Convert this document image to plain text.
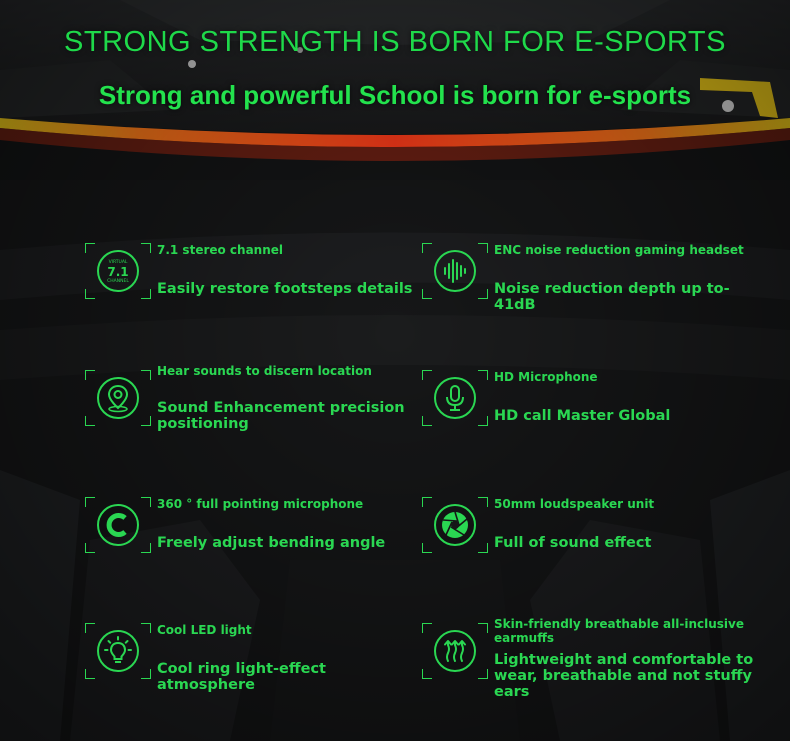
STRONG STRENGTH IS BORN FOR E-SPORTS
Strong and powerful School is born for e-sports
VIRTUAL
7.1
CHANNEL
7.1 stereo channel
Easily restore footsteps details
ENC noise reduction gaming headset
Noise reduction depth up to-41dB
Hear sounds to discern location
Sound Enhancement precision positioning
HD Microphone
HD call Master Global
360 ° full pointing microphone
Freely adjust bending angle
50mm loudspeaker unit
Full of sound effect
Cool LED light
Cool ring light-effect atmosphere
Skin-friendly breathable all-inclusive earmuffs
Lightweight and comfortable to wear, breathable and not stuffy ears
